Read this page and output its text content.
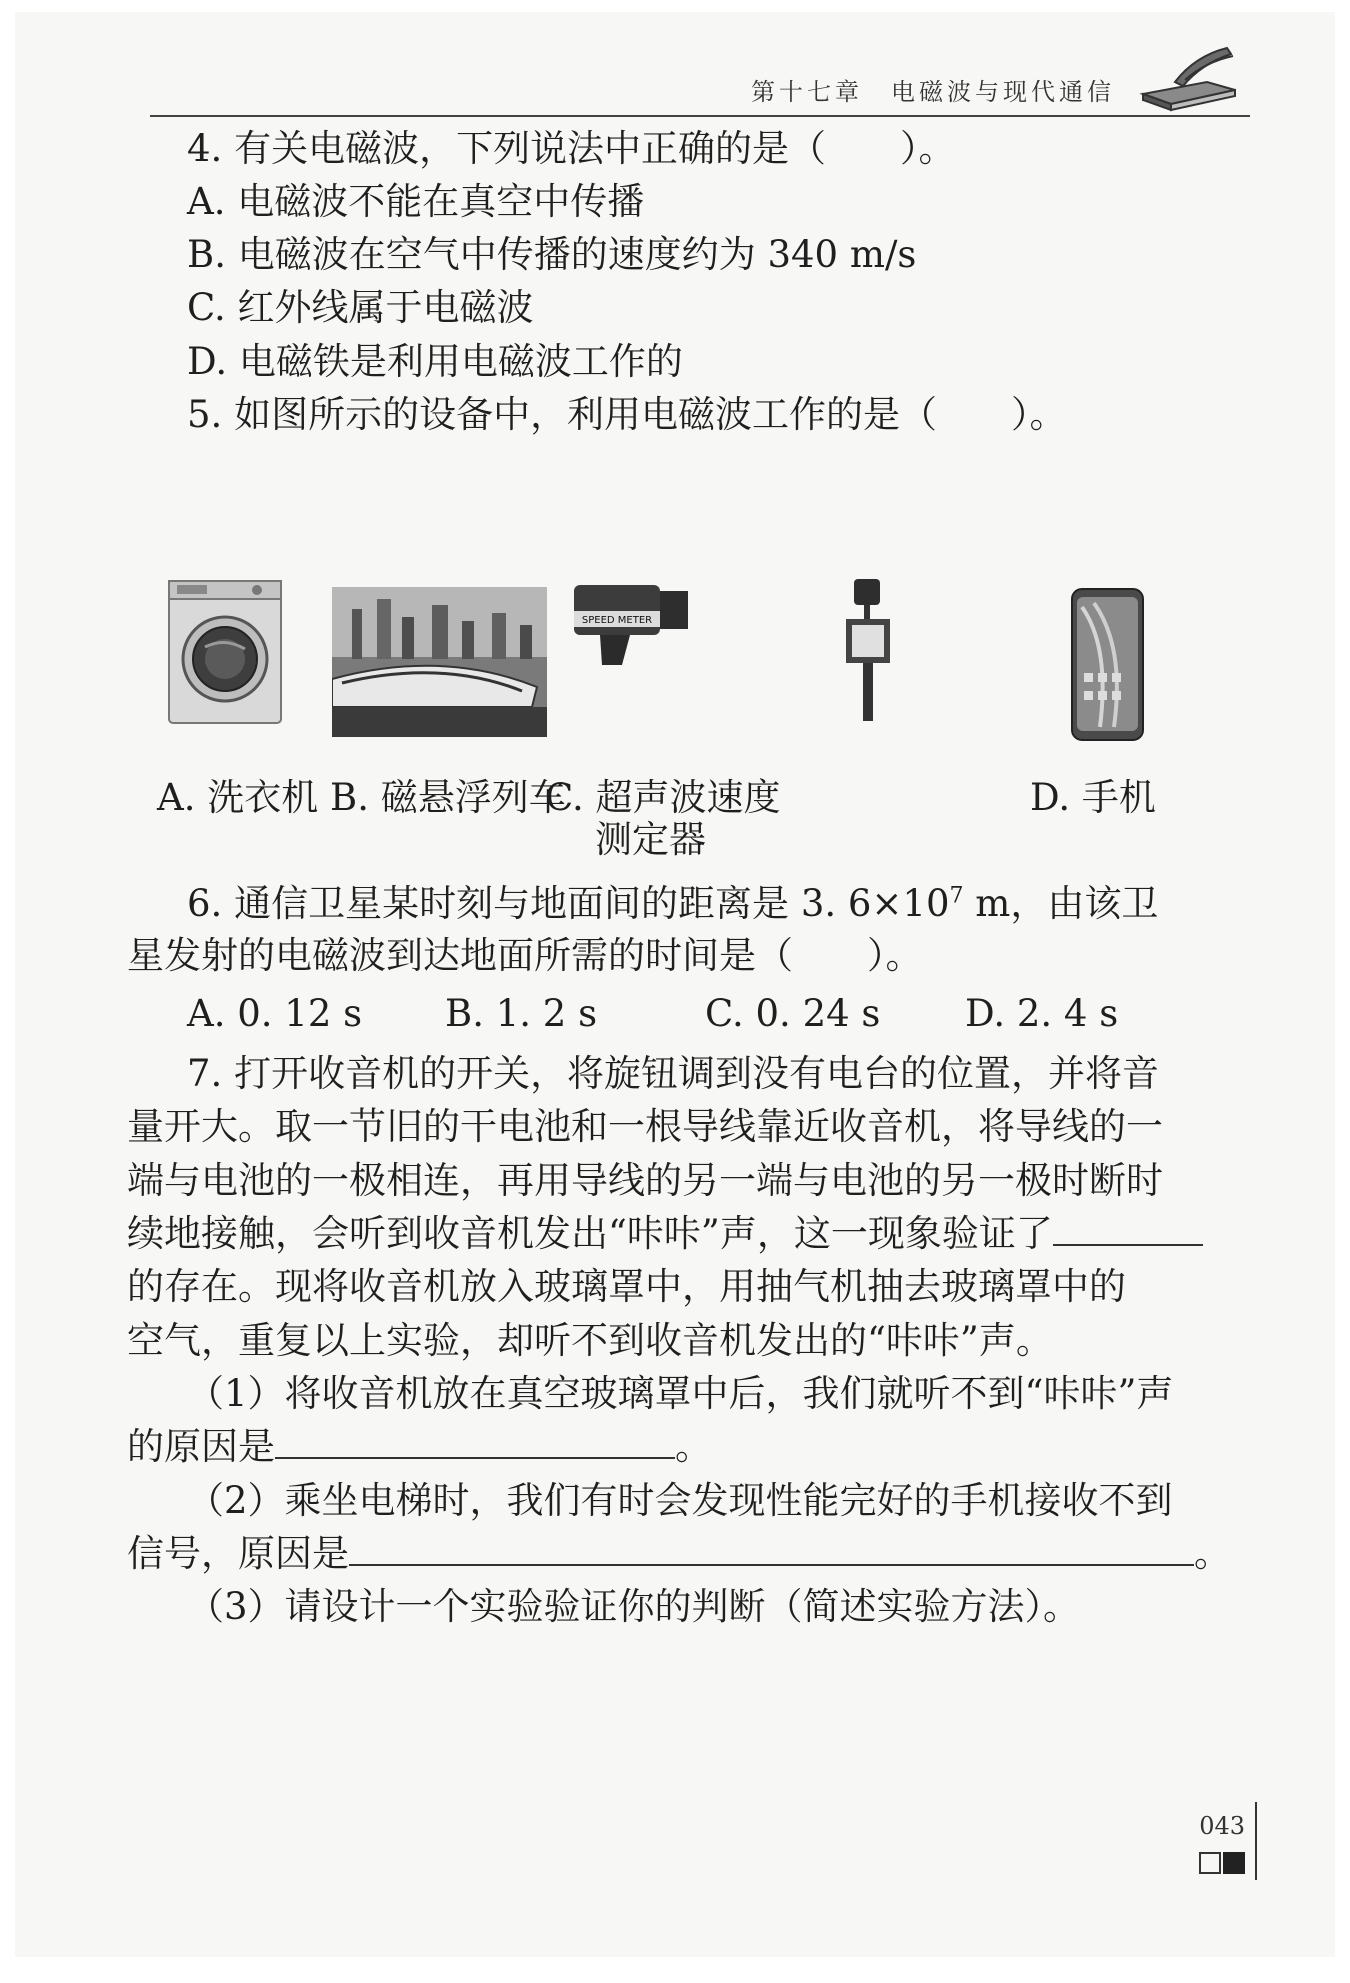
第十七章　电磁波与现代通信
4. 有关电磁波，下列说法中正确的是（　　）。
A. 电磁波不能在真空中传播
B. 电磁波在空气中传播的速度约为 340 m/s
C. 红外线属于电磁波
D. 电磁铁是利用电磁波工作的
5. 如图所示的设备中，利用电磁波工作的是（　　）。
SPEED METER
A. 洗衣机 B. 磁悬浮列车
C. 超声波速度
测定器
D. 手机
6. 通信卫星某时刻与地面间的距离是 3. $6\times 10^7$ m，由该卫
星发射的电磁波到达地面所需的时间是（　　）。
A. 0. 12 s B. 1. 2 s	C. 0. 24 s D. 2. 4 s
7. 打开收音机的开关，将旋钮调到没有电台的位置，并将音
量开大。取一节旧的干电池和一根导线靠近收音机，将导线的一
端与电池的一极相连，再用导线的另一端与电池的另一极时断时
续地接触，会听到收音机发出“咔咔”声，这一现象验证了
的存在。现将收音机放入玻璃罩中，用抽气机抽去玻璃罩中的
空气，重复以上实验，却听不到收音机发出的“咔咔”声。
（1）将收音机放在真空玻璃罩中后，我们就听不到“咔咔”声
的原因是	。
（2）乘坐电梯时，我们有时会发现性能完好的手机接收不到
信号，原因是	。
（3）请设计一个实验验证你的判断（简述实验方法）。
043
